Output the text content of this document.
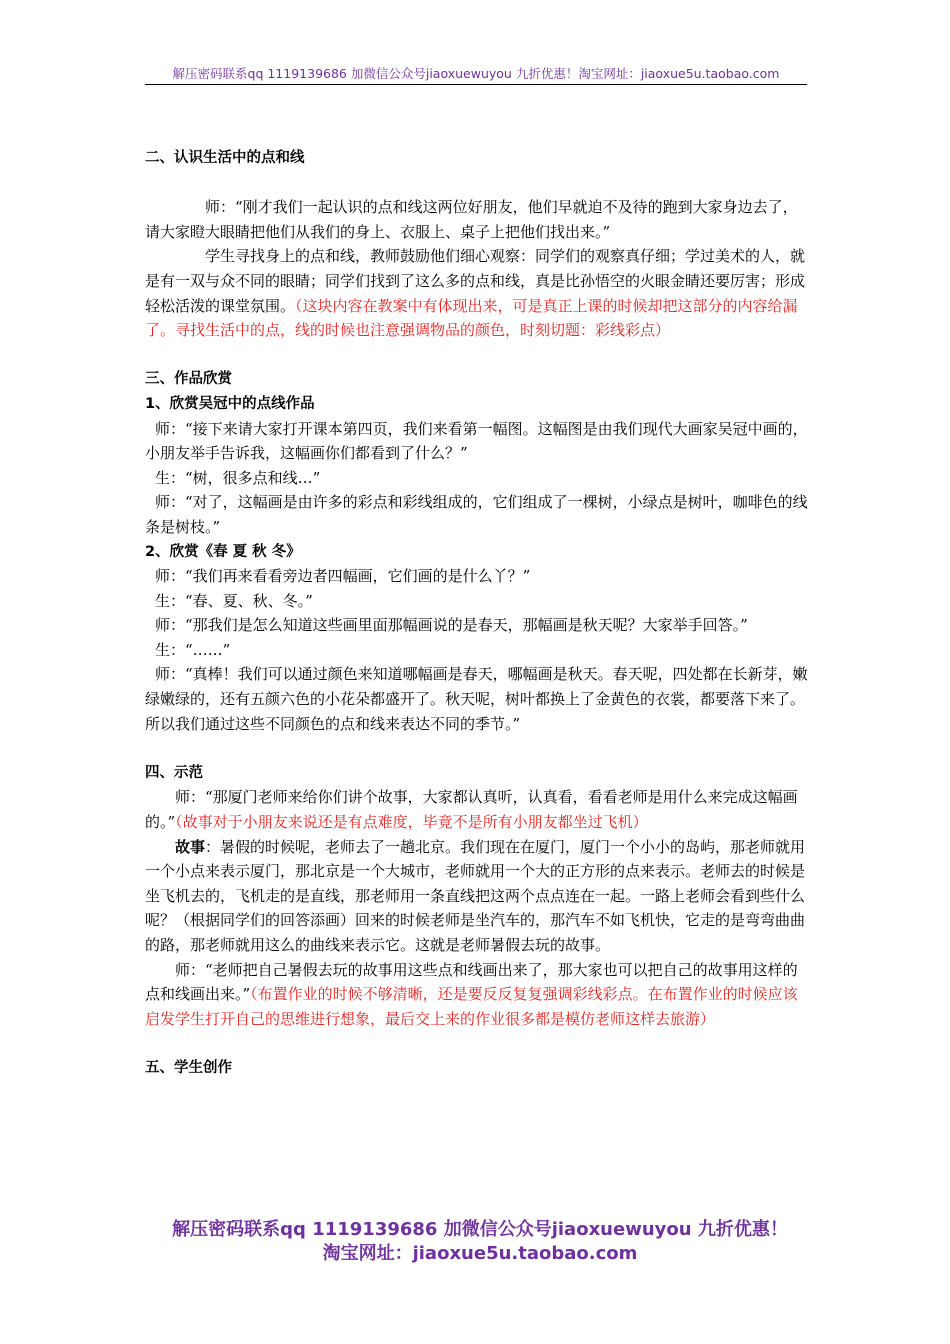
解压密码联系qq 1119139686 加微信公众号jiaoxuewuyou 九折优惠！淘宝网址：jiaoxue5u.taobao.com

二、认识生活中的点和线

师：“刚才我们一起认识的点和线这两位好朋友，他们早就迫不及待的跑到大家身边去了，请大家瞪大眼睛把他们从我们的身上、衣服上、桌子上把他们找出来。”

学生寻找身上的点和线，教师鼓励他们细心观察：同学们的观察真仔细；学过美术的人，就是有一双与众不同的眼睛；同学们找到了这么多的点和线，真是比孙悟空的火眼金睛还要厉害；形成轻松活泼的课堂氛围。（这块内容在教案中有体现出来，可是真正上课的时候却把这部分的内容给漏了。寻找生活中的点，线的时候也注意强调物品的颜色，时刻切题：彩线彩点）

三、作品欣赏

1、欣赏吴冠中的点线作品

师：“接下来请大家打开课本第四页，我们来看第一幅图。这幅图是由我们现代大画家吴冠中画的，小朋友举手告诉我，这幅画你们都看到了什么？”

生：“树，很多点和线…”

师：“对了，这幅画是由许多的彩点和彩线组成的，它们组成了一棵树，小绿点是树叶，咖啡色的线条是树枝。”

2、欣赏《春 夏 秋 冬》

师：“我们再来看看旁边者四幅画，它们画的是什么丫？”

生：“春、夏、秋、冬。”

师：“那我们是怎么知道这些画里面那幅画说的是春天，那幅画是秋天呢？大家举手回答。”

生：“……”

师：“真棒！我们可以通过颜色来知道哪幅画是春天，哪幅画是秋天。春天呢，四处都在长新芽，嫩绿嫩绿的，还有五颜六色的小花朵都盛开了。秋天呢，树叶都换上了金黄色的衣裳，都要落下来了。所以我们通过这些不同颜色的点和线来表达不同的季节。”

四、示范

师：“那厦门老师来给你们讲个故事，大家都认真听，认真看，看看老师是用什么来完成这幅画的。”（故事对于小朋友来说还是有点难度，毕竟不是所有小朋友都坐过飞机）

故事：暑假的时候呢，老师去了一趟北京。我们现在在厦门，厦门一个小小的岛屿，那老师就用一个小点来表示厦门，那北京是一个大城市，老师就用一个大的正方形的点来表示。老师去的时候是坐飞机去的，飞机走的是直线，那老师用一条直线把这两个点点连在一起。一路上老师会看到些什么呢？（根据同学们的回答添画）回来的时候老师是坐汽车的，那汽车不如飞机快，它走的是弯弯曲曲的路，那老师就用这么的曲线来表示它。这就是老师暑假去玩的故事。

师：“老师把自己暑假去玩的故事用这些点和线画出来了，那大家也可以把自己的故事用这样的点和线画出来。”（布置作业的时候不够清晰，还是要反反复复强调彩线彩点。在布置作业的时候应该启发学生打开自己的思维进行想象，最后交上来的作业很多都是模仿老师这样去旅游）

五、学生创作

解压密码联系qq 1119139686 加微信公众号jiaoxuewuyou 九折优惠！
淘宝网址：jiaoxue5u.taobao.com
